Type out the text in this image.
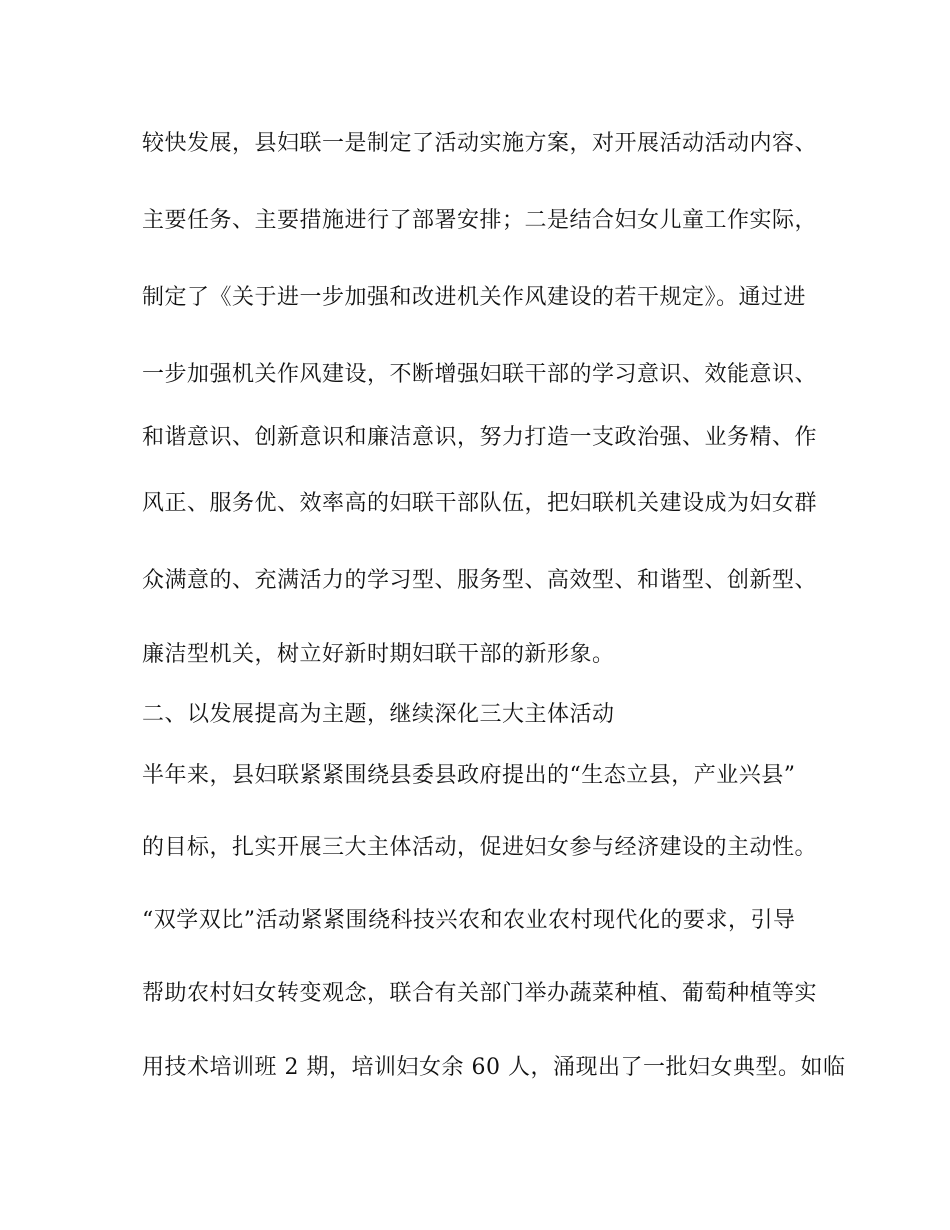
较快发展，县妇联一是制定了活动实施方案，对开展活动活动内容、
主要任务、主要措施进行了部署安排；二是结合妇女儿童工作实际，
制定了《关于进一步加强和改进机关作风建设的若干规定》。通过进
一步加强机关作风建设，不断增强妇联干部的学习意识、效能意识、
和谐意识、创新意识和廉洁意识，努力打造一支政治强、业务精、作
风正、服务优、效率高的妇联干部队伍，把妇联机关建设成为妇女群
众满意的、充满活力的学习型、服务型、高效型、和谐型、创新型、
廉洁型机关，树立好新时期妇联干部的新形象。
二、以发展提高为主题，继续深化三大主体活动
半年来，县妇联紧紧围绕县委县政府提出的“生态立县，产业兴县”
的目标，扎实开展三大主体活动，促进妇女参与经济建设的主动性。
“双学双比”活动紧紧围绕科技兴农和农业农村现代化的要求，引导
帮助农村妇女转变观念，联合有关部门举办蔬菜种植、葡萄种植等实
用技术培训班 2 期，培训妇女余 60 人，涌现出了一批妇女典型。如临
